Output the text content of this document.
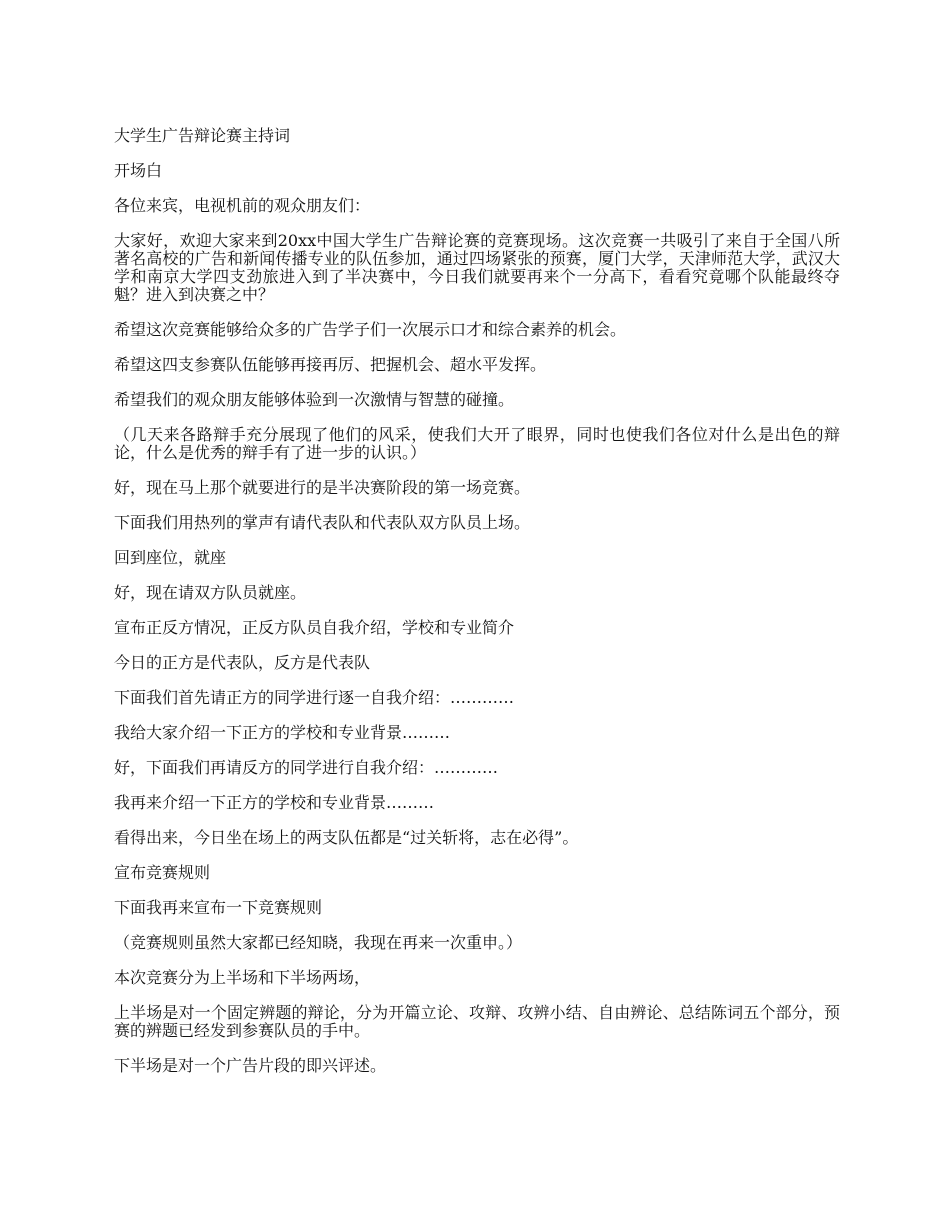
大学生广告辩论赛主持词

开场白

各位来宾，电视机前的观众朋友们：

大家好，欢迎大家来到20xx中国大学生广告辩论赛的竞赛现场。这次竞赛一共吸引了来自于全国八所著名高校的广告和新闻传播专业的队伍参加，通过四场紧张的预赛，厦门大学，天津师范大学，武汉大学和南京大学四支劲旅进入到了半决赛中，今日我们就要再来个一分高下，看看究竟哪个队能最终夺魁？进入到决赛之中？

希望这次竞赛能够给众多的广告学子们一次展示口才和综合素养的机会。

希望这四支参赛队伍能够再接再厉、把握机会、超水平发挥。

希望我们的观众朋友能够体验到一次激情与智慧的碰撞。

（几天来各路辩手充分展现了他们的风采，使我们大开了眼界，同时也使我们各位对什么是出色的辩论，什么是优秀的辩手有了进一步的认识。）

好，现在马上那个就要进行的是半决赛阶段的第一场竞赛。

下面我们用热列的掌声有请代表队和代表队双方队员上场。

回到座位，就座

好，现在请双方队员就座。

宣布正反方情况，正反方队员自我介绍，学校和专业简介

今日的正方是代表队，反方是代表队

下面我们首先请正方的同学进行逐一自我介绍：…………

我给大家介绍一下正方的学校和专业背景………

好，下面我们再请反方的同学进行自我介绍：…………

我再来介绍一下正方的学校和专业背景………

看得出来，今日坐在场上的两支队伍都是“过关斩将，志在必得”。

宣布竞赛规则

下面我再来宣布一下竞赛规则

（竞赛规则虽然大家都已经知晓，我现在再来一次重申。）

本次竞赛分为上半场和下半场两场，

上半场是对一个固定辨题的辩论，分为开篇立论、攻辩、攻辨小结、自由辨论、总结陈词五个部分，预赛的辨题已经发到参赛队员的手中。

下半场是对一个广告片段的即兴评述。
